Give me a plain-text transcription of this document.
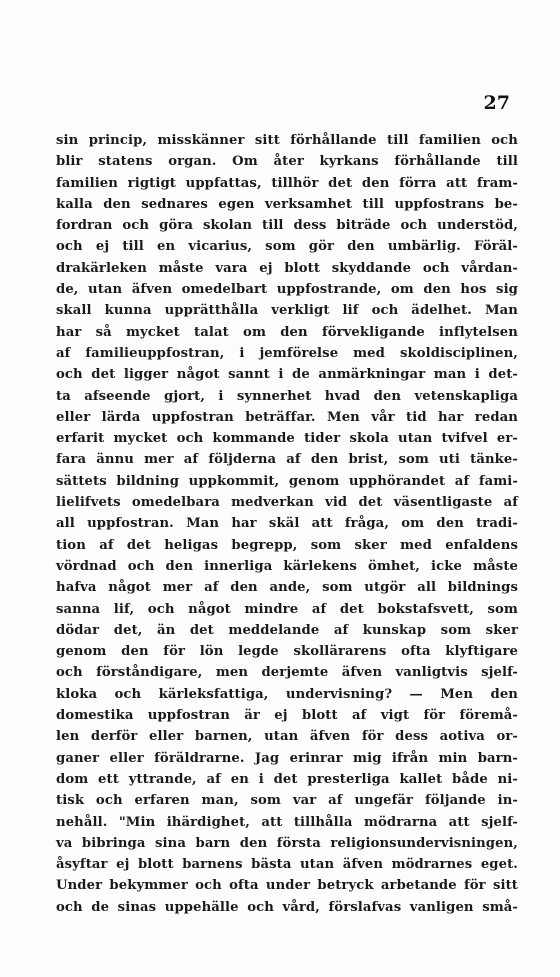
27
sin princip, misskänner sitt förhållande till familien och
blir statens organ. Om åter kyrkans förhållande till
familien rigtigt uppfattas, tillhör det den förra att fram-
kalla den sednares egen verksamhet till uppfostrans be-
fordran och göra skolan till dess biträde och understöd,
och ej till en vicarius, som gör den umbärlig. Föräl-
drakärleken måste vara ej blott skyddande och vårdan-
de, utan äfven omedelbart uppfostrande, om den hos sig
skall kunna upprätthålla verkligt lif och ädelhet. Man
har så mycket talat om den förvekligande inflytelsen
af familieuppfostran, i jemförelse med skoldisciplinen,
och det ligger något sannt i de anmärkningar man i det-
ta afseende gjort, i synnerhet hvad den vetenskapliga
eller lärda uppfostran beträffar. Men vår tid har redan
erfarit mycket och kommande tider skola utan tvifvel er-
fara ännu mer af följderna af den brist, som uti tänke-
sättets bildning uppkommit, genom upphörandet af fami-
lielifvets omedelbara medverkan vid det väsentligaste af
all uppfostran. Man har skäl att fråga, om den tradi-
tion af det heligas begrepp, som sker med enfaldens
vördnad och den innerliga kärlekens ömhet, icke måste
hafva något mer af den ande, som utgör all bildnings
sanna lif, och något mindre af det bokstafsvett, som
dödar det, än det meddelande af kunskap som sker
genom den för lön legde skollärarens ofta klyftigare
och förståndigare, men derjemte äfven vanligtvis sjelf-
kloka och kärleksfattiga, undervisning? — Men den
domestika uppfostran är ej blott af vigt för föremå-
len derför eller barnen, utan äfven för dess aotiva or-
ganer eller föräldrarne. Jag erinrar mig ifrån min barn-
dom ett yttrande, af en i det presterliga kallet både ni-
tisk och erfaren man, som var af ungefär följande in-
nehåll. "Min ihärdighet, att tillhålla mödrarna att sjelf-
va bibringa sina barn den första religionsundervisningen,
åsyftar ej blott barnens bästa utan äfven mödrarnes eget.
Under bekymmer och ofta under betryck arbetande för sitt
och de sinas uppehälle och vård, förslafvas vanligen små-
